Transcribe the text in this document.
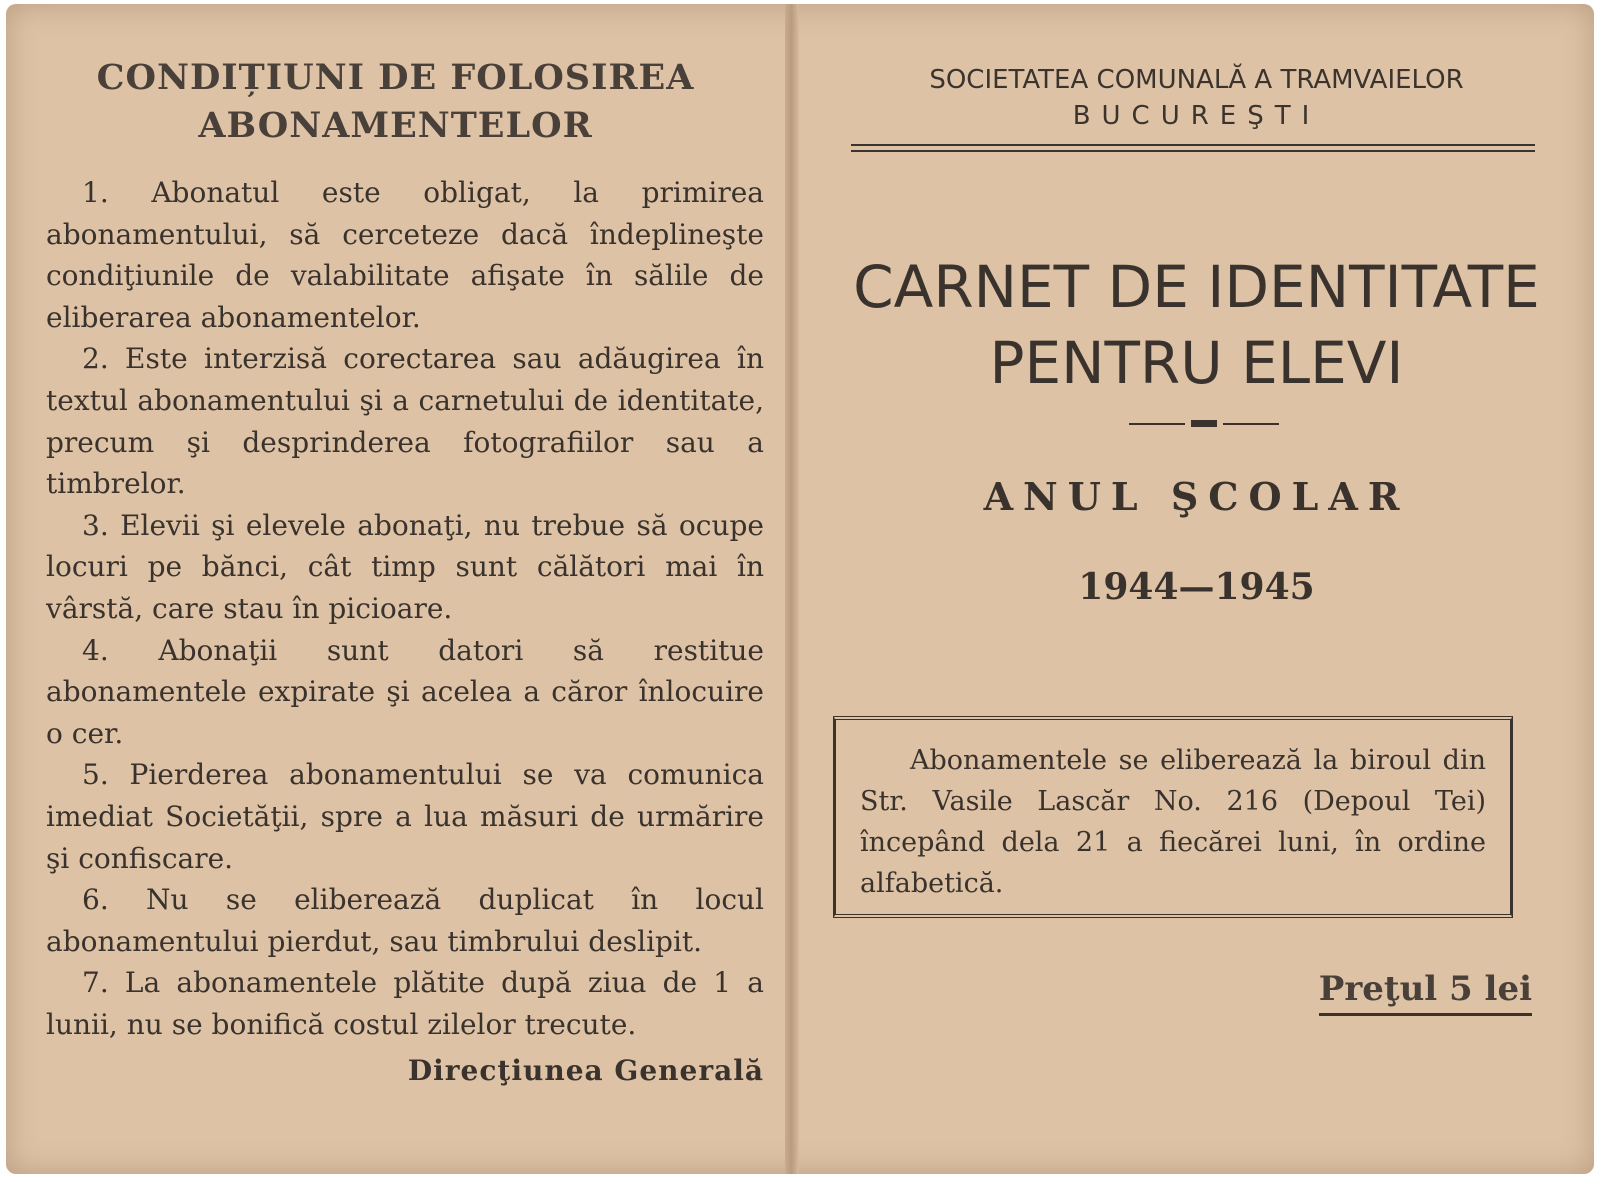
CONDIȚIUNI DE FOLOSIREA
ABONAMENTELOR

1. Abonatul este obligat, la primirea abonamentului, să cerceteze dacă îndeplineşte condiţiunile de valabilitate afişate în sălile de eliberarea abonamentelor.

2. Este interzisă corectarea sau adăugirea în textul abonamentului şi a carnetului de identitate, precum şi desprinderea fotografiilor sau a timbrelor.

3. Elevii şi elevele abonaţi, nu trebue să ocupe locuri pe bănci, cât timp sunt călători mai în vârstă, care stau în picioare.

4. Abonaţii sunt datori să restitue abonamentele expirate şi acelea a căror înlocuire o cer.

5. Pierderea abonamentului se va comunica imediat Societăţii, spre a lua măsuri de urmărire şi confiscare.

6. Nu se eliberează duplicat în locul abonamentului pierdut, sau timbrului deslipit.

7. La abonamentele plătite după ziua de 1 a lunii, nu se bonifică costul zilelor trecute.

Direcţiunea Generală
SOCIETATEA COMUNALĂ A TRAMVAIELOR
BUCUREŞTI
CARNET DE IDENTITATE
PENTRU ELEVI
ANUL ŞCOLAR
1944—1945
Abonamentele se eliberează la biroul din Str. Vasile Lascăr No. 216 (Depoul Tei) începând dela 21 a fiecărei luni, în ordine alfabetică.
Preţul 5 lei
